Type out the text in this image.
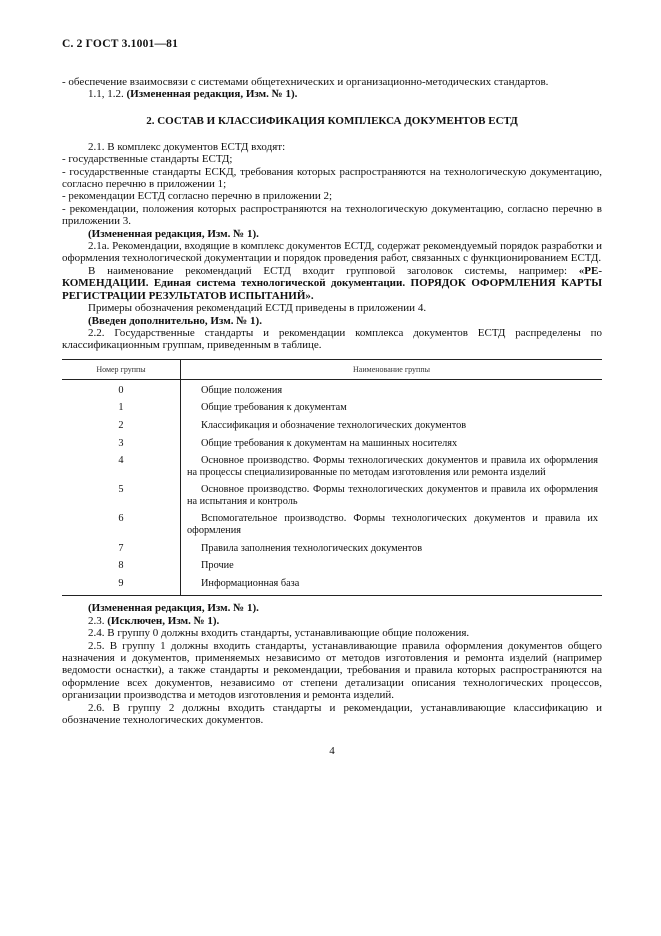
С. 2 ГОСТ 3.1001—81

- обеспечение взаимосвязи с системами общетехнических и организационно-методических стандартов.

1.1, 1.2. (Измененная редакция, Изм. № 1).

2. СОСТАВ И КЛАССИФИКАЦИЯ КОМПЛЕКСА ДОКУМЕНТОВ ЕСТД

2.1. В комплекс документов ЕСТД входят:

- государственные стандарты ЕСТД;

- государственные стандарты ЕСКД, требования которых распространяются на технологическую документацию, согласно перечню в приложении 1;

- рекомендации ЕСТД согласно перечню в приложении 2;

- рекомендации, положения которых распространяются на технологическую документацию, согласно перечню в приложении 3.

(Измененная редакция, Изм. № 1).

2.1а. Рекомендации, входящие в комплекс документов ЕСТД, содержат рекомендуемый порядок разработки и оформления технологической документации и порядок проведения работ, связанных с функционированием ЕСТД.

В наименование рекомендаций ЕСТД входит групповой заголовок системы, например: «РЕКОМЕНДАЦИИ. Единая система технологической документации. ПОРЯДОК ОФОРМЛЕНИЯ КАРТЫ РЕГИСТРАЦИИ РЕЗУЛЬТАТОВ ИСПЫТАНИЙ».

Примеры обозначения рекомендаций ЕСТД приведены в приложении 4.

(Введен дополнительно, Изм. № 1).

2.2. Государственные стандарты и рекомендации комплекса документов ЕСТД распределены по классификационным группам, приведенным в таблице.

Номер группы	Наименование группы
0	Общие положения
1	Общие требования к документам
2	Классификация и обозначение технологических документов
3	Общие требования к документам на машинных носителях
4	Основное производство. Формы технологических документов и правила их оформления на процессы специализированные по методам изготовления или ремонта изделий
5	Основное производство. Формы технологических документов и правила их оформления на испытания и контроль
6	Вспомогательное производство. Формы технологических документов и правила их оформления
7	Правила заполнения технологических документов
8	Прочие
9	Информационная база

(Измененная редакция, Изм. № 1).

2.3. (Исключен, Изм. № 1).

2.4. В группу 0 должны входить стандарты, устанавливающие общие положения.

2.5. В группу 1 должны входить стандарты, устанавливающие правила оформления документов общего назначения и документов, применяемых независимо от методов изготовления и ремонта изделий (например ведомости оснастки), а также стандарты и рекомендации, требования и правила которых распространяются на оформление всех документов, независимо от степени детализации описания технологических процессов, организации производства и методов изготовления и ремонта изделий.

2.6. В группу 2 должны входить стандарты и рекомендации, устанавливающие классификацию и обозначение технологических документов.

4
